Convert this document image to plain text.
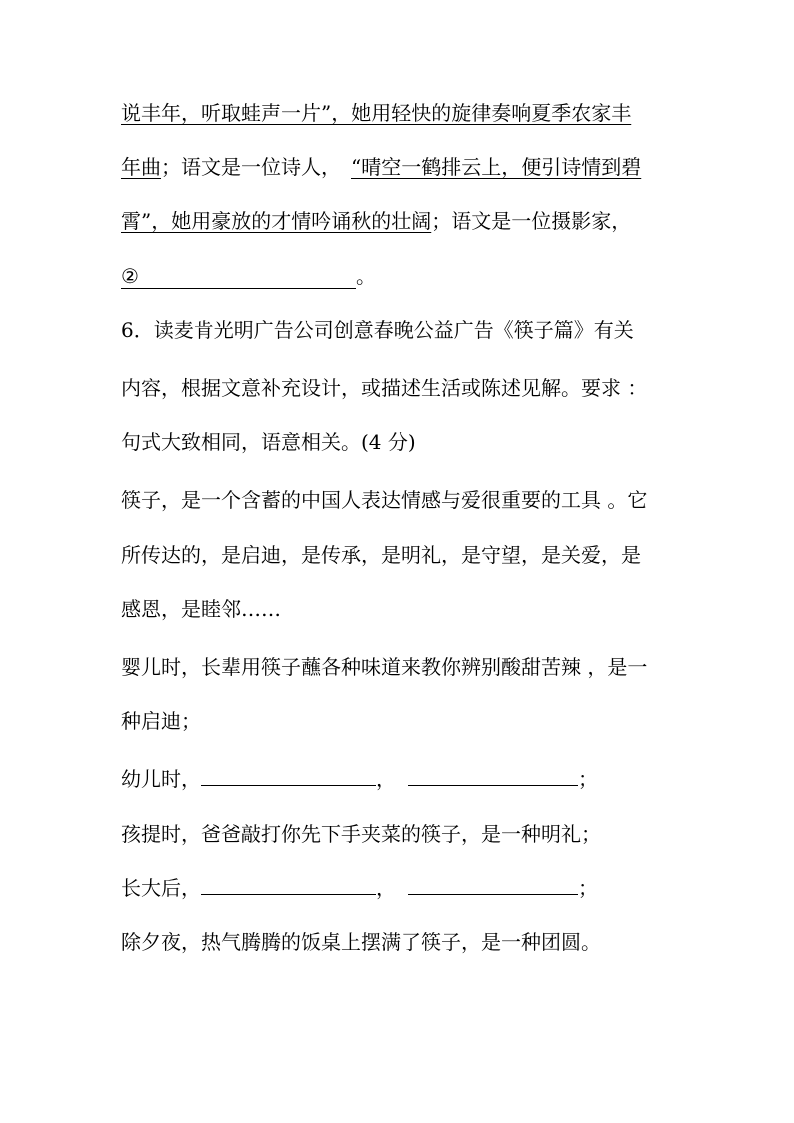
说丰年，听取蛙声一片”，她用轻快的旋律奏响夏季农家丰
年曲；语文是一位诗人， “晴空一鹤排云上，便引诗情到碧
霄”，她用豪放的才情吟诵秋的壮阔；语文是一位摄影家，
②	。
6．读麦肯光明广告公司创意春晚公益广告《筷子篇》有关
内容，根据文意补充设计，或描述生活或陈述见解。要求 ：
句式大致相同，语意相关。(4 分)
筷子，是一个含蓄的中国人表达情感与爱很重要的工具 。它
所传达的，是启迪，是传承，是明礼，是守望，是关爱，是
感恩，是睦邻……
婴儿时，长辈用筷子蘸各种味道来教你辨别酸甜苦辣 ，是一
种启迪；
幼儿时，	，	；
孩提时，爸爸敲打你先下手夹菜的筷子，是一种明礼；
长大后，	，	；
除夕夜，热气腾腾的饭桌上摆满了筷子，是一种团圆。
